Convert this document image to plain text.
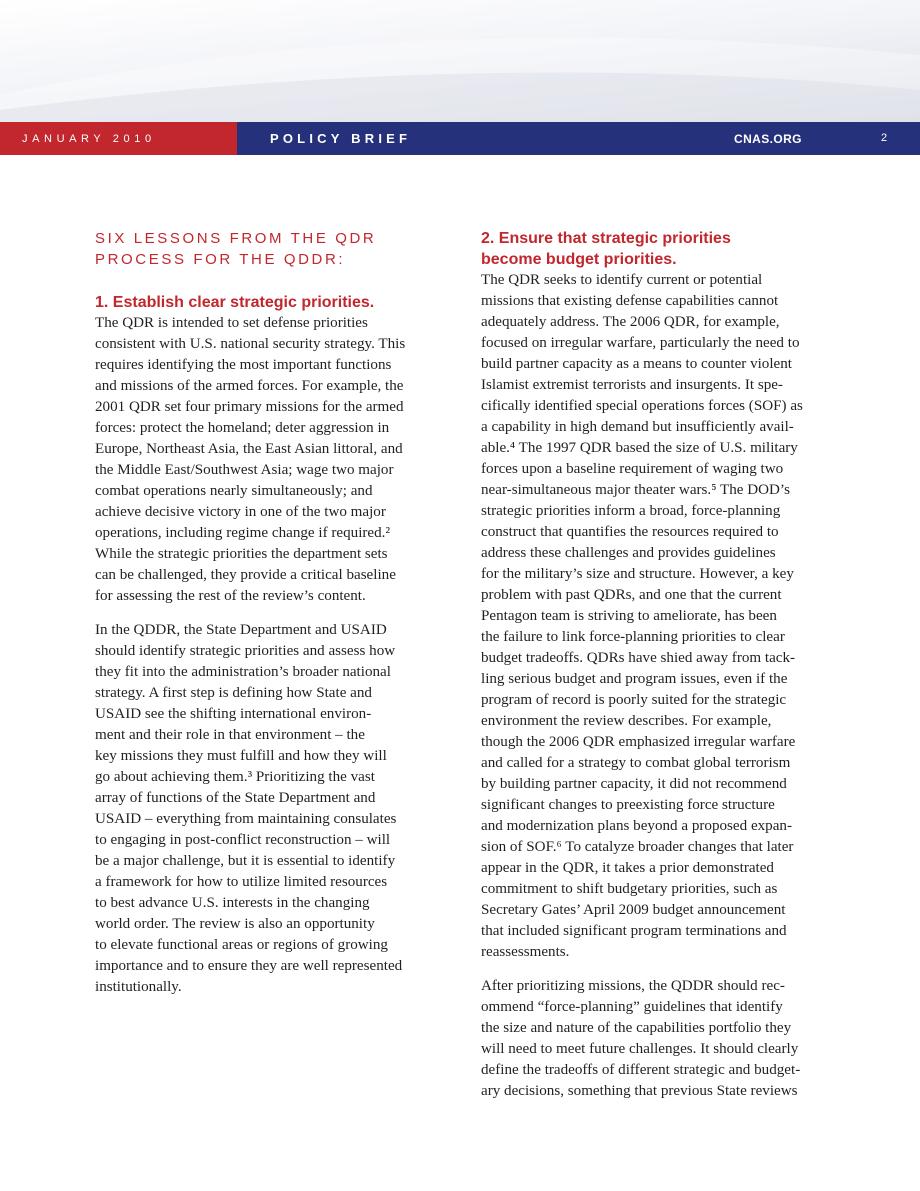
JANUARY 2010	POLICY BRIEF	CNAS.ORG	2
SIX LESSONS FROM THE QDR
PROCESS FOR THE QDDR:
1. Establish clear strategic priorities.

The QDR is intended to set defense priorities
consistent with U.S. national security strategy. This
requires identifying the most important functions
and missions of the armed forces. For example, the
2001 QDR set four primary missions for the armed
forces: protect the homeland; deter aggression in
Europe, Northeast Asia, the East Asian littoral, and
the Middle East/Southwest Asia; wage two major
combat operations nearly simultaneously; and
achieve decisive victory in one of the two major
operations, including regime change if required.²
While the strategic priorities the department sets
can be challenged, they provide a critical baseline
for assessing the rest of the review’s content.

In the QDDR, the State Department and USAID
should identify strategic priorities and assess how
they fit into the administration’s broader national
strategy. A first step is defining how State and
USAID see the shifting international environ-
ment and their role in that environment – the
key missions they must fulfill and how they will
go about achieving them.³ Prioritizing the vast
array of functions of the State Department and
USAID – everything from maintaining consulates
to engaging in post-conflict reconstruction – will
be a major challenge, but it is essential to identify
a framework for how to utilize limited resources
to best advance U.S. interests in the changing
world order. The review is also an opportunity
to elevate functional areas or regions of growing
importance and to ensure they are well represented
institutionally.

2. Ensure that strategic priorities
become budget priorities.

The QDR seeks to identify current or potential
missions that existing defense capabilities cannot
adequately address. The 2006 QDR, for example,
focused on irregular warfare, particularly the need to
build partner capacity as a means to counter violent
Islamist extremist terrorists and insurgents. It spe-
cifically identified special operations forces (SOF) as
a capability in high demand but insufficiently avail-
able.⁴ The 1997 QDR based the size of U.S. military
forces upon a baseline requirement of waging two
near-simultaneous major theater wars.⁵ The DOD’s
strategic priorities inform a broad, force-planning
construct that quantifies the resources required to
address these challenges and provides guidelines
for the military’s size and structure. However, a key
problem with past QDRs, and one that the current
Pentagon team is striving to ameliorate, has been
the failure to link force-planning priorities to clear
budget tradeoffs. QDRs have shied away from tack-
ling serious budget and program issues, even if the
program of record is poorly suited for the strategic
environment the review describes. For example,
though the 2006 QDR emphasized irregular warfare
and called for a strategy to combat global terrorism
by building partner capacity, it did not recommend
significant changes to preexisting force structure
and modernization plans beyond a proposed expan-
sion of SOF.⁶ To catalyze broader changes that later
appear in the QDR, it takes a prior demonstrated
commitment to shift budgetary priorities, such as
Secretary Gates’ April 2009 budget announcement
that included significant program terminations and
reassessments.

After prioritizing missions, the QDDR should rec-
ommend “force-planning” guidelines that identify
the size and nature of the capabilities portfolio they
will need to meet future challenges. It should clearly
define the tradeoffs of different strategic and budget-
ary decisions, something that previous State reviews
